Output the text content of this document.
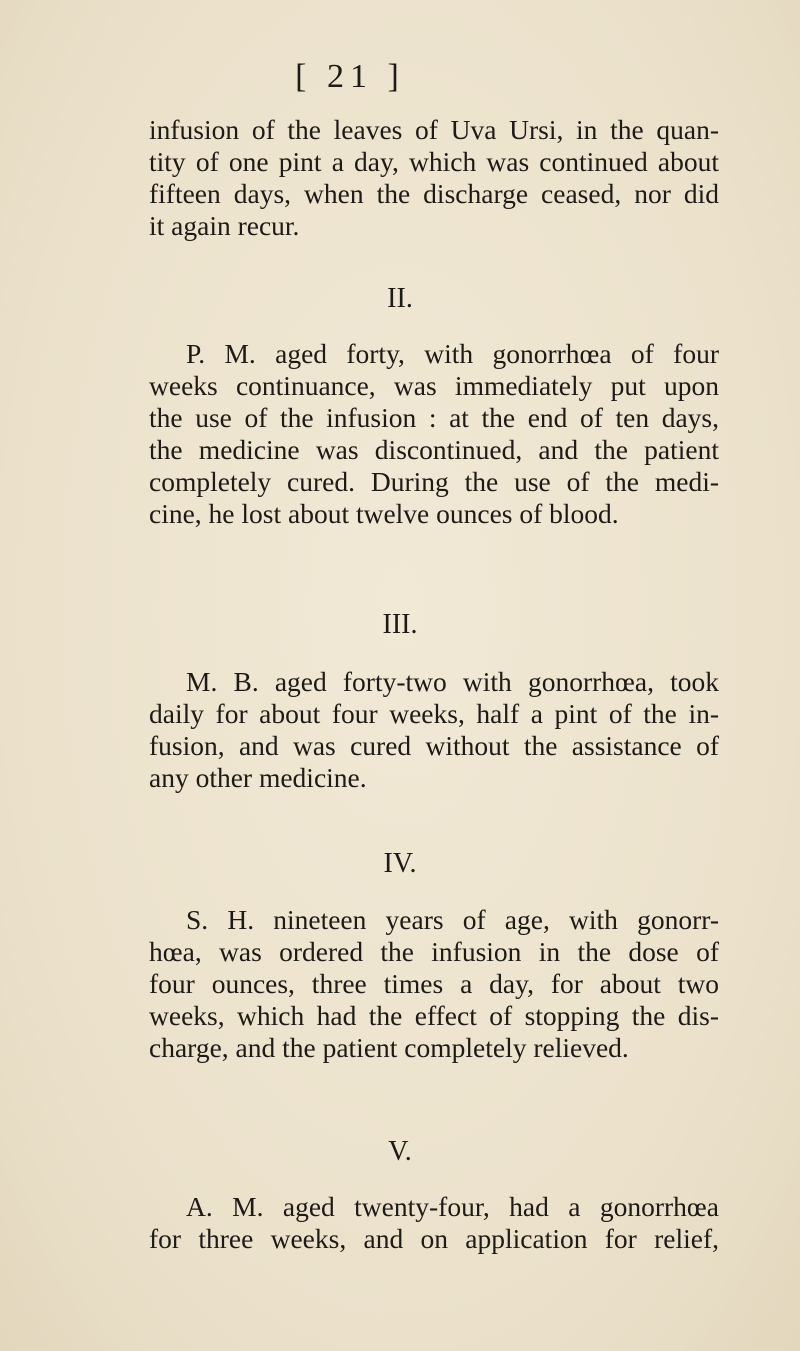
[ 21 ]
infusion of the leaves of Uva Ursi, in the quan-
tity of one pint a day, which was continued about
fifteen days, when the discharge ceased, nor did
it again recur.
II.
P. M. aged forty, with gonorrhœa of four
weeks continuance, was immediately put upon
the use of the infusion : at the end of ten days,
the medicine was discontinued, and the patient
completely cured. During the use of the medi-
cine, he lost about twelve ounces of blood.
III.
M. B. aged forty-two with gonorrhœa, took
daily for about four weeks, half a pint of the in-
fusion, and was cured without the assistance of
any other medicine.
IV.
S. H. nineteen years of age, with gonorr-
hœa, was ordered the infusion in the dose of
four ounces, three times a day, for about two
weeks, which had the effect of stopping the dis-
charge, and the patient completely relieved.
V.
A. M. aged twenty-four, had a gonorrhœa
for three weeks, and on application for relief,
